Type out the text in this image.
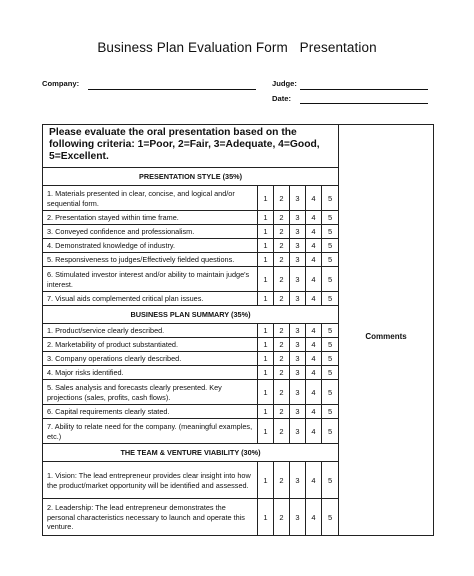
Business Plan Evaluation Form Presentation
Company:	Judge:
Date:
Please evaluate the oral presentation based on the following criteria: 1=Poor, 2=Fair, 3=Adequate, 4=Good, 5=Excellent.						Comments
PRESENTATION STYLE (35%)						
1. Materials presented in clear, concise, and logical and/or sequential form.	1	2	3	4	5	
2. Presentation stayed within time frame.	1	2	3	4	5	
3. Conveyed confidence and professionalism.	1	2	3	4	5	
4. Demonstrated knowledge of industry.	1	2	3	4	5	
5. Responsiveness to judges/Effectively fielded questions.	1	2	3	4	5	
6. Stimulated investor interest and/or ability to maintain judge's interest.	1	2	3	4	5	
7. Visual aids complemented critical plan issues.	1	2	3	4	5	
BUSINESS PLAN SUMMARY (35%)						
1. Product/service clearly described.	1	2	3	4	5	
2. Marketability of product substantiated.	1	2	3	4	5	
3. Company operations clearly described.	1	2	3	4	5	
4. Major risks identified.	1	2	3	4	5	
5. Sales analysis and forecasts clearly presented. Key projections (sales, profits, cash flows).	1	2	3	4	5	
6. Capital requirements clearly stated.	1	2	3	4	5	
7. Ability to relate need for the company. (meaningful examples, etc.)	1	2	3	4	5	
THE TEAM & VENTURE VIABILITY (30%)						
1. Vision: The lead entrepreneur provides clear insight into how the product/market opportunity will be identified and assessed.	1	2	3	4	5	
2. Leadership: The lead entrepreneur demonstrates the personal characteristics necessary to launch and operate this venture.	1	2	3	4	5	
